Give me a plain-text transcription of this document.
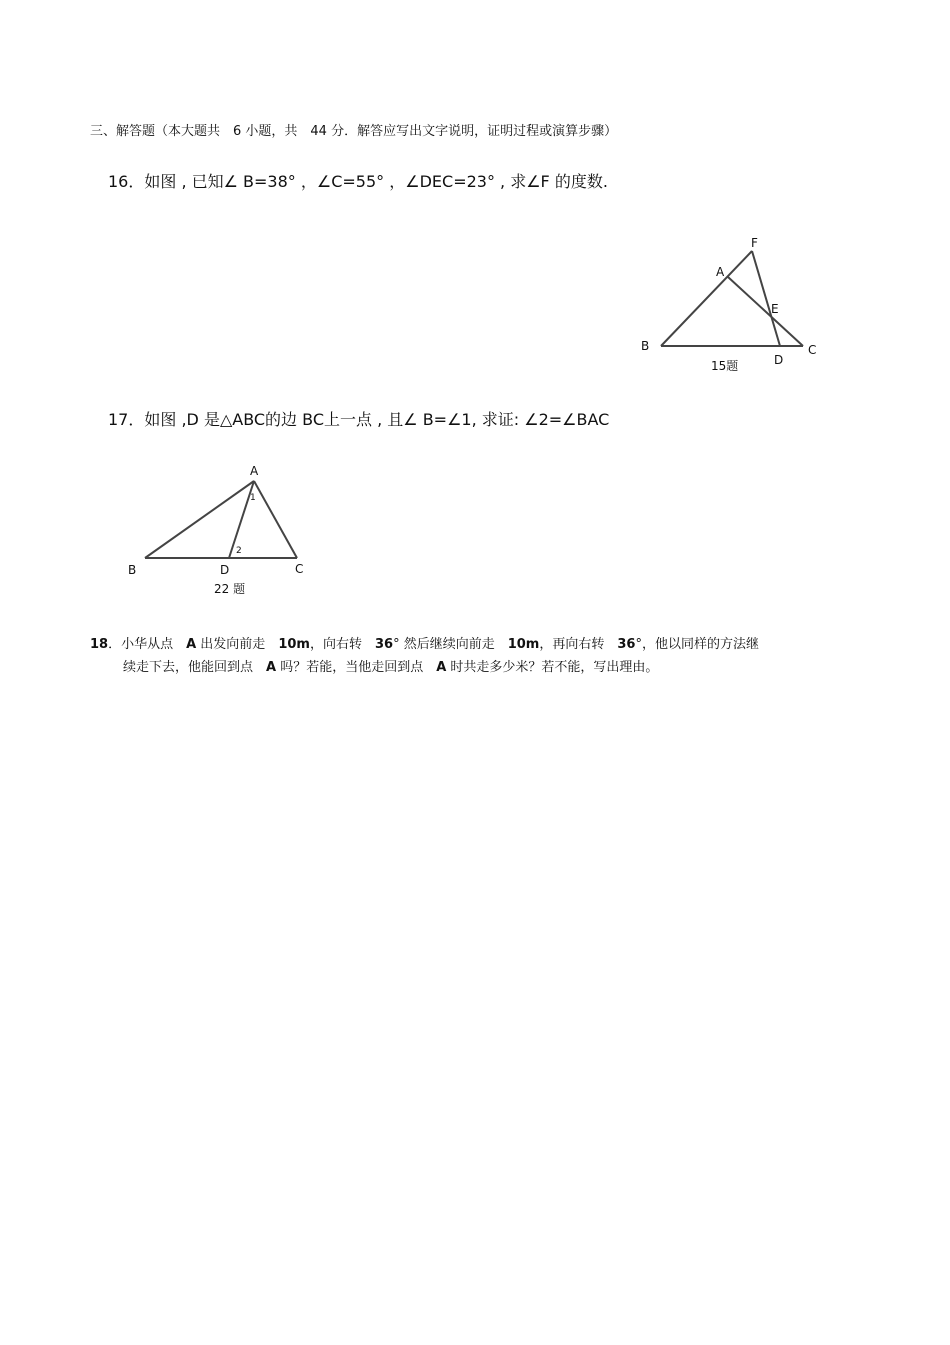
三、解答题（本大题共　6 小题，共　44 分．解答应写出文字说明，证明过程或演算步骤）
16．如图 , 已知∠ B=38° ，∠C=55° ，∠DEC=23° , 求∠F 的度数.
17．如图 ,D 是△ABC的边 BC上一点 , 且∠ B=∠1, 求证: ∠2=∠BAC
18．小华从点　A 出发向前走　10m，向右转　36° 然后继续向前走　10m，再向右转　36°，他以同样的方法继
续走下去，他能回到点　A 吗？若能，当他走回到点　A 时共走多少米？若不能，写出理由。
F
A
E
B
D
C
15题
A
1
2
B	D	C
22 题
